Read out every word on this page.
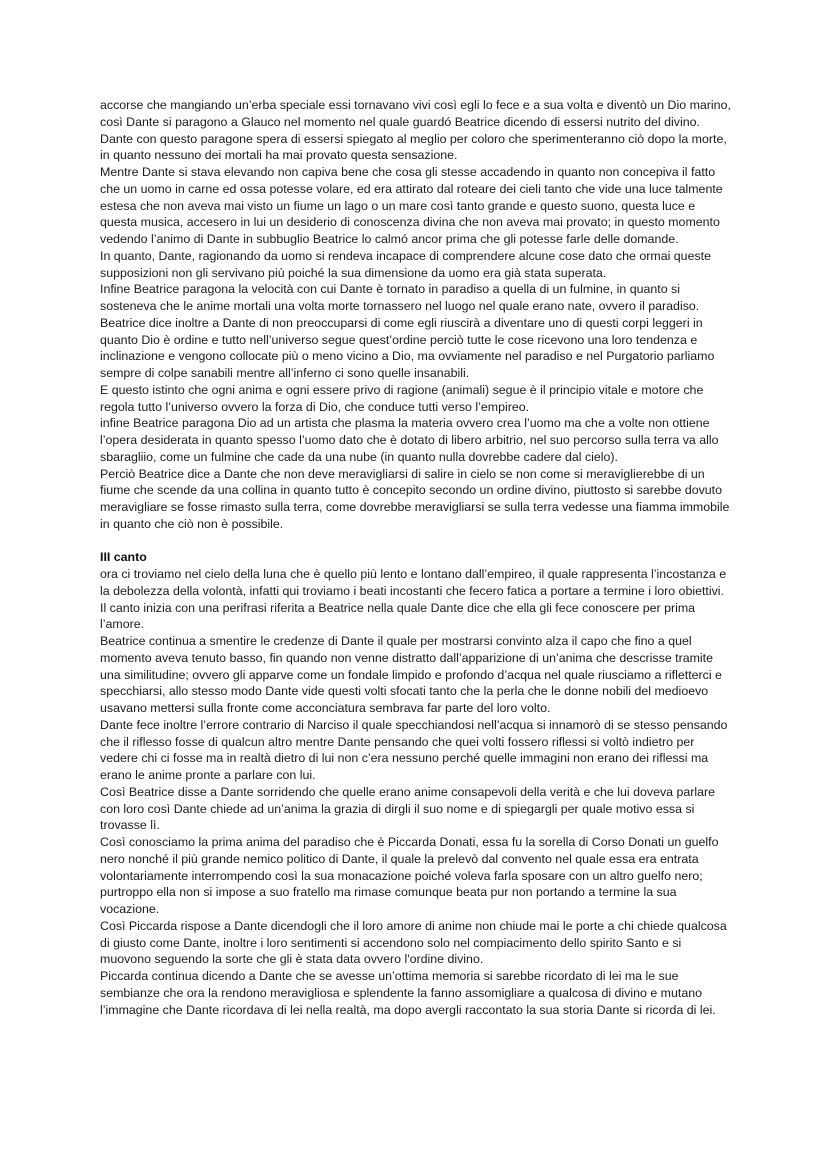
accorse che mangiando un’erba speciale essi tornavano vivi così egli lo fece e a sua volta e diventò un Dio marino, così Dante si paragono a Glauco nel momento nel quale guardó Beatrice dicendo di essersi nutrito del divino.

Dante con questo paragone spera di essersi spiegato al meglio per coloro che sperimenteranno ciò dopo la morte, in quanto nessuno dei mortali ha mai provato questa sensazione.

Mentre Dante si stava elevando non capiva bene che cosa gli stesse accadendo in quanto non concepiva il fatto che un uomo in carne ed ossa potesse volare, ed era attirato dal roteare dei cieli tanto che vide una luce talmente estesa che non aveva mai visto un fiume un lago o un mare così tanto grande e questo suono, questa luce e questa musica, accesero in lui un desiderio di conoscenza divina che non aveva mai provato; in questo momento vedendo l’animo di Dante in subbuglio Beatrice lo calmó ancor prima che gli potesse farle delle domande.

In quanto, Dante, ragionando da uomo si rendeva incapace di comprendere alcune cose dato che ormai queste supposizioni non gli servivano più poiché la sua dimensione da uomo era già stata superata.

Infine Beatrice paragona la velocità con cui Dante è tornato in paradiso a quella di un fulmine, in quanto si sosteneva che le anime mortali una volta morte tornassero nel luogo nel quale erano nate, ovvero il paradiso.

Beatrice dice inoltre a Dante di non preoccuparsi di come egli riuscirà a diventare uno di questi corpi leggeri in quanto Dio è ordine e tutto nell’universo segue quest’ordine perciò tutte le cose ricevono una loro tendenza e inclinazione e vengono collocate più o meno vicino a Dio, ma ovviamente nel paradiso e nel Purgatorio parliamo sempre di colpe sanabili mentre all’inferno ci sono quelle insanabili.

E questo istinto che ogni anima e ogni essere privo di ragione (animali) segue è il principio vitale e motore che regola tutto l’universo ovvero la forza di Dio, che conduce tutti verso l’empireo.

infine Beatrice paragona Dio ad un artista che plasma la materia ovvero crea l’uomo ma che a volte non ottiene l’opera desiderata in quanto spesso l’uomo dato che è dotato di libero arbitrio, nel suo percorso sulla terra va allo sbaragliio, come un fulmine che cade da una nube (in quanto nulla dovrebbe cadere dal cielo).

Perciò Beatrice dice a Dante che non deve meravigliarsi di salire in cielo se non come si meraviglierebbe di un fiume che scende da una collina in quanto tutto è concepito secondo un ordine divino, piuttosto si sarebbe dovuto meravigliare se fosse rimasto sulla terra, come dovrebbe meravigliarsi se sulla terra vedesse una fiamma immobile in quanto che ciò non è possibile.

III canto

ora ci troviamo nel cielo della luna che è quello più lento e lontano dall’empireo, il quale rappresenta l’incostanza e la debolezza della volontà, infatti qui troviamo i beati incostanti che fecero fatica a portare a termine i loro obiettivi.

Il canto inizia con una perifrasi riferita a Beatrice nella quale Dante dice che ella gli fece conoscere per prima l’amore.

Beatrice continua a smentire le credenze di Dante il quale per mostrarsi convinto alza il capo che fino a quel momento aveva tenuto basso, fin quando non venne distratto dall’apparizione di un’anima che descrisse tramite una similitudine; ovvero gli apparve come un fondale limpido e profondo d’acqua nel quale riusciamo a rifletterci e specchiarsi, allo stesso modo Dante vide questi volti sfocati tanto che la perla che le donne nobili del medioevo usavano mettersi sulla fronte come acconciatura sembrava far parte del loro volto.

Dante fece inoltre l’errore contrario di Narciso il quale specchiandosi nell’acqua si innamorò di se stesso pensando che il riflesso fosse di qualcun altro mentre Dante pensando che quei volti fossero riflessi si voltò indietro per vedere chi ci fosse ma in realtà dietro di lui non c’era nessuno perché quelle immagini non erano dei riflessi ma erano le anime pronte a parlare con lui.

Così Beatrice disse a Dante sorridendo che quelle erano anime consapevoli della verità e che lui doveva parlare con loro così Dante chiede ad un’anima la grazia di dirgli il suo nome e di spiegargli per quale motivo essa si trovasse lì.

Così conosciamo la prima anima del paradiso che è Piccarda Donati, essa fu la sorella di Corso Donati un guelfo nero nonché il più grande nemico politico di Dante, il quale la prelevò dal convento nel quale essa era entrata volontariamente interrompendo così la sua monacazione poiché voleva farla sposare con un altro guelfo nero; purtroppo ella non si impose a suo fratello ma rimase comunque beata pur non portando a termine la sua vocazione.

Così Piccarda rispose a Dante dicendogli che il loro amore di anime non chiude mai le porte a chi chiede qualcosa di giusto come Dante, inoltre i loro sentimenti si accendono solo nel compiacimento dello spirito Santo e si muovono seguendo la sorte che gli è stata data ovvero l'ordine divino.

Piccarda continua dicendo a Dante che se avesse un’ottima memoria si sarebbe ricordato di lei ma le sue sembianze che ora la rendono meravigliosa e splendente la fanno assomigliare a qualcosa di divino e mutano l’immagine che Dante ricordava di lei nella realtà, ma dopo avergli raccontato la sua storia Dante si ricorda di lei.
